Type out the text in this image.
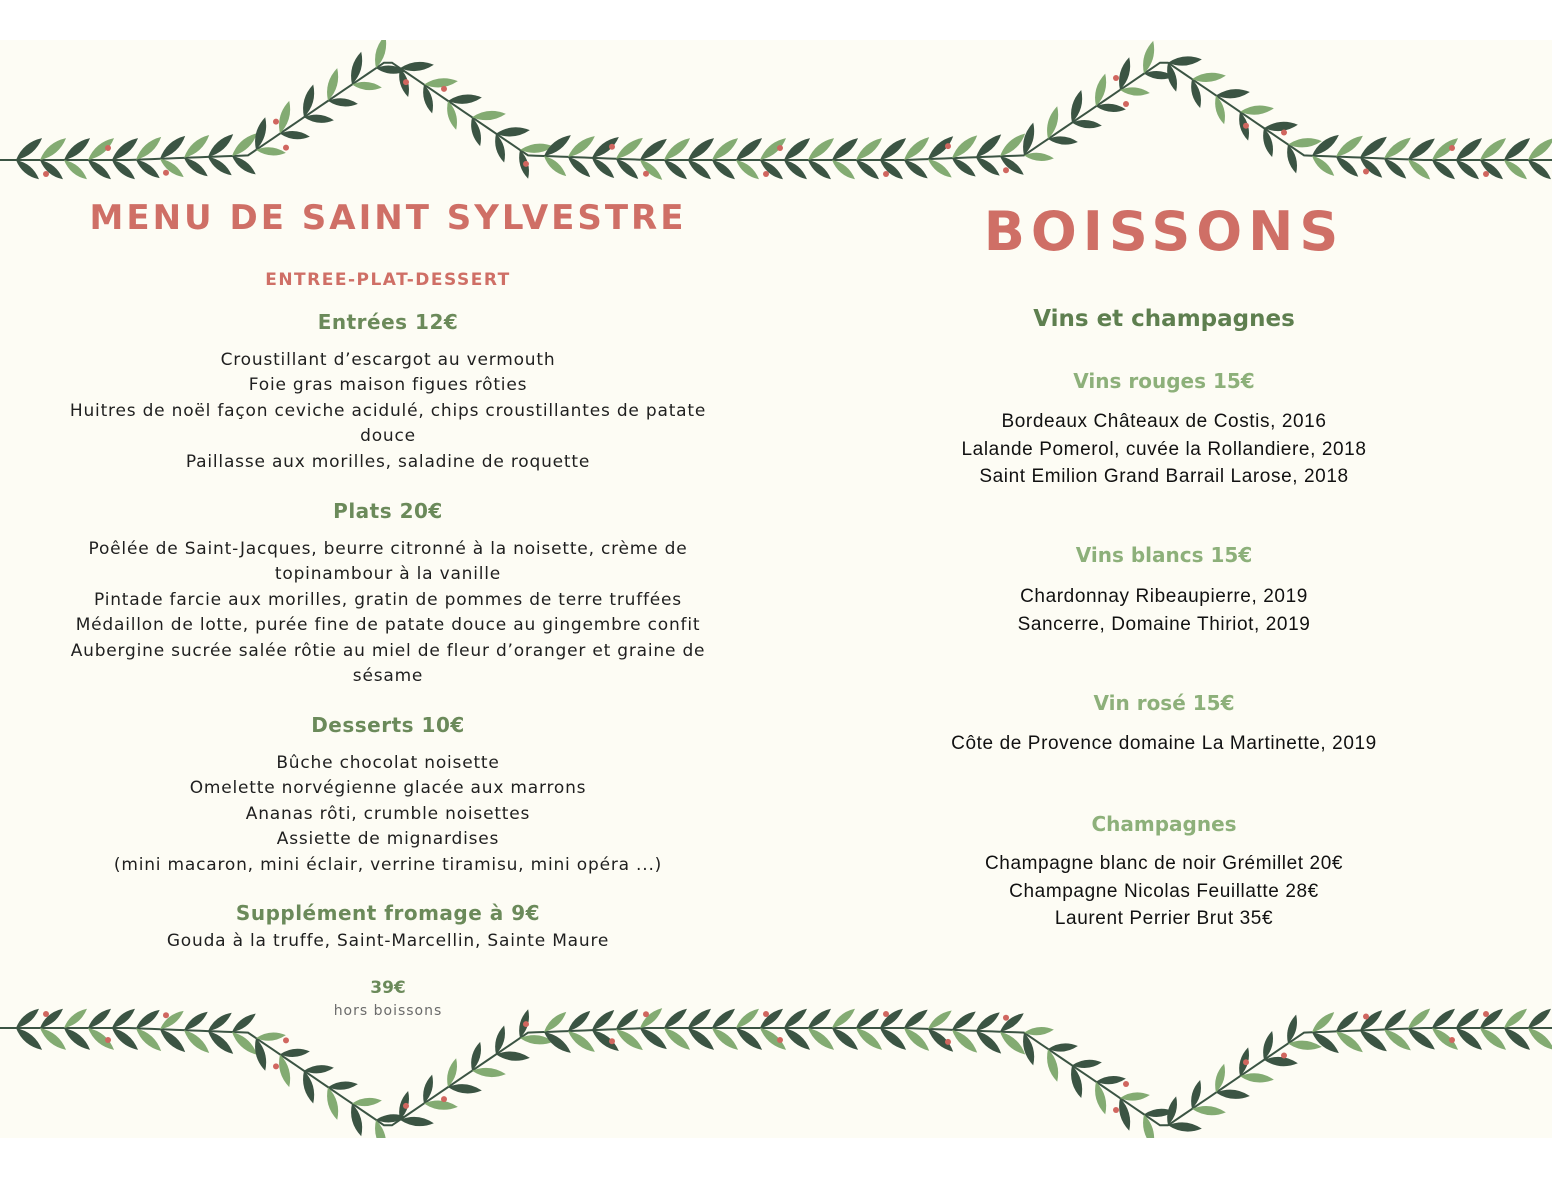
MENU DE SAINT SYLVESTRE
ENTREE-PLAT-DESSERT
Entrées 12€
Croustillant d’escargot au vermouth
Foie gras maison figues rôties
Huitres de noël façon ceviche acidulé, chips croustillantes de patate
douce
Paillasse aux morilles, saladine de roquette
Plats 20€
Poêlée de Saint-Jacques, beurre citronné à la noisette, crème de
topinambour à la vanille
Pintade farcie aux morilles, gratin de pommes de terre truffées
Médaillon de lotte, purée fine de patate douce au gingembre confit
Aubergine sucrée salée rôtie au miel de fleur d’oranger et graine de
sésame
Desserts 10€
Bûche chocolat noisette
Omelette norvégienne glacée aux marrons
Ananas rôti, crumble noisettes
Assiette de mignardises
(mini macaron, mini éclair, verrine tiramisu, mini opéra ...)
Supplément fromage à 9€
Gouda à la truffe, Saint-Marcellin, Sainte Maure
39€
hors boissons
BOISSONS
Vins et champagnes
Vins rouges 15€
Bordeaux Châteaux de Costis, 2016
Lalande Pomerol, cuvée la Rollandiere, 2018
Saint Emilion Grand Barrail Larose, 2018
Vins blancs 15€
Chardonnay Ribeaupierre, 2019
Sancerre, Domaine Thiriot, 2019
Vin rosé 15€
Côte de Provence domaine La Martinette, 2019
Champagnes
Champagne blanc de noir Grémillet 20€
Champagne Nicolas Feuillatte 28€
Laurent Perrier Brut 35€
